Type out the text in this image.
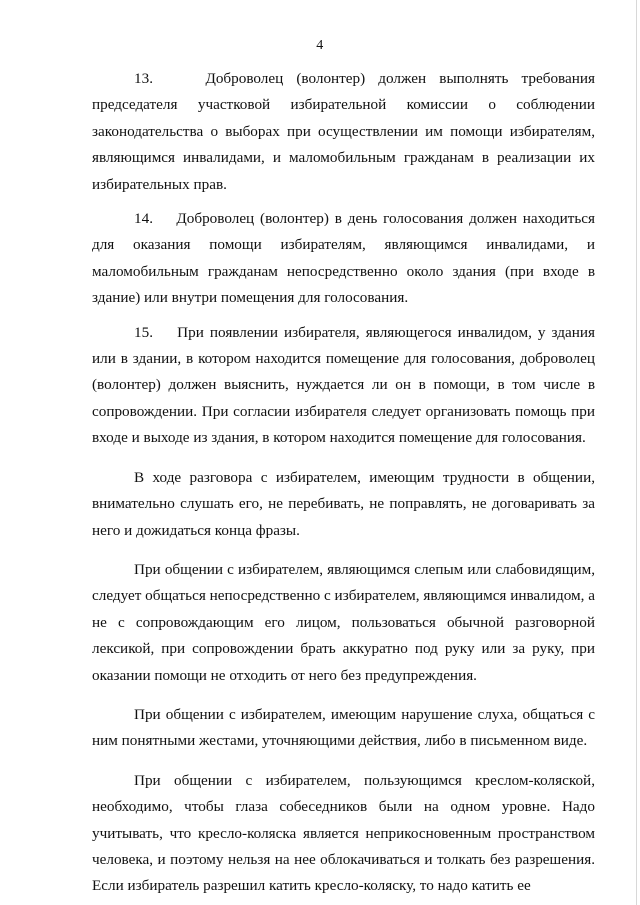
4

13.    Доброволец (волонтер) должен выполнять требования председателя участковой избирательной комиссии о соблюдении законодательства о выборах при осуществлении им помощи избирателям, являющимся инвалидами, и маломобильным гражданам в реализации их избирательных прав.

14.    Доброволец (волонтер) в день голосования должен находиться для оказания помощи избирателям, являющимся инвалидами, и маломобильным гражданам непосредственно около здания (при входе в здание) или внутри помещения для голосования.

15.    При появлении избирателя, являющегося инвалидом, у здания или в здании, в котором находится помещение для голосования, доброволец (волонтер) должен выяснить, нуждается ли он в помощи, в том числе в сопровождении. При согласии избирателя следует организовать помощь при входе и выходе из здания, в котором находится помещение для голосования.

В ходе разговора с избирателем, имеющим трудности в общении, внимательно слушать его, не перебивать, не поправлять, не договаривать за него и дожидаться конца фразы.

При общении с избирателем, являющимся слепым или слабовидящим, следует общаться непосредственно с избирателем, являющимся инвалидом, а не с сопровождающим его лицом, пользоваться обычной разговорной лексикой, при сопровождении брать аккуратно под руку или за руку, при оказании помощи не отходить от него без предупреждения.

При общении с избирателем, имеющим нарушение слуха, общаться с ним понятными жестами, уточняющими действия, либо в письменном виде.

При общении с избирателем, пользующимся креслом-коляской, необходимо, чтобы глаза собеседников были на одном уровне. Надо учитывать, что кресло-коляска является неприкосновенным пространством человека, и поэтому нельзя на нее облокачиваться и толкать без разрешения. Если избиратель разрешил катить кресло-коляску, то надо катить ее
